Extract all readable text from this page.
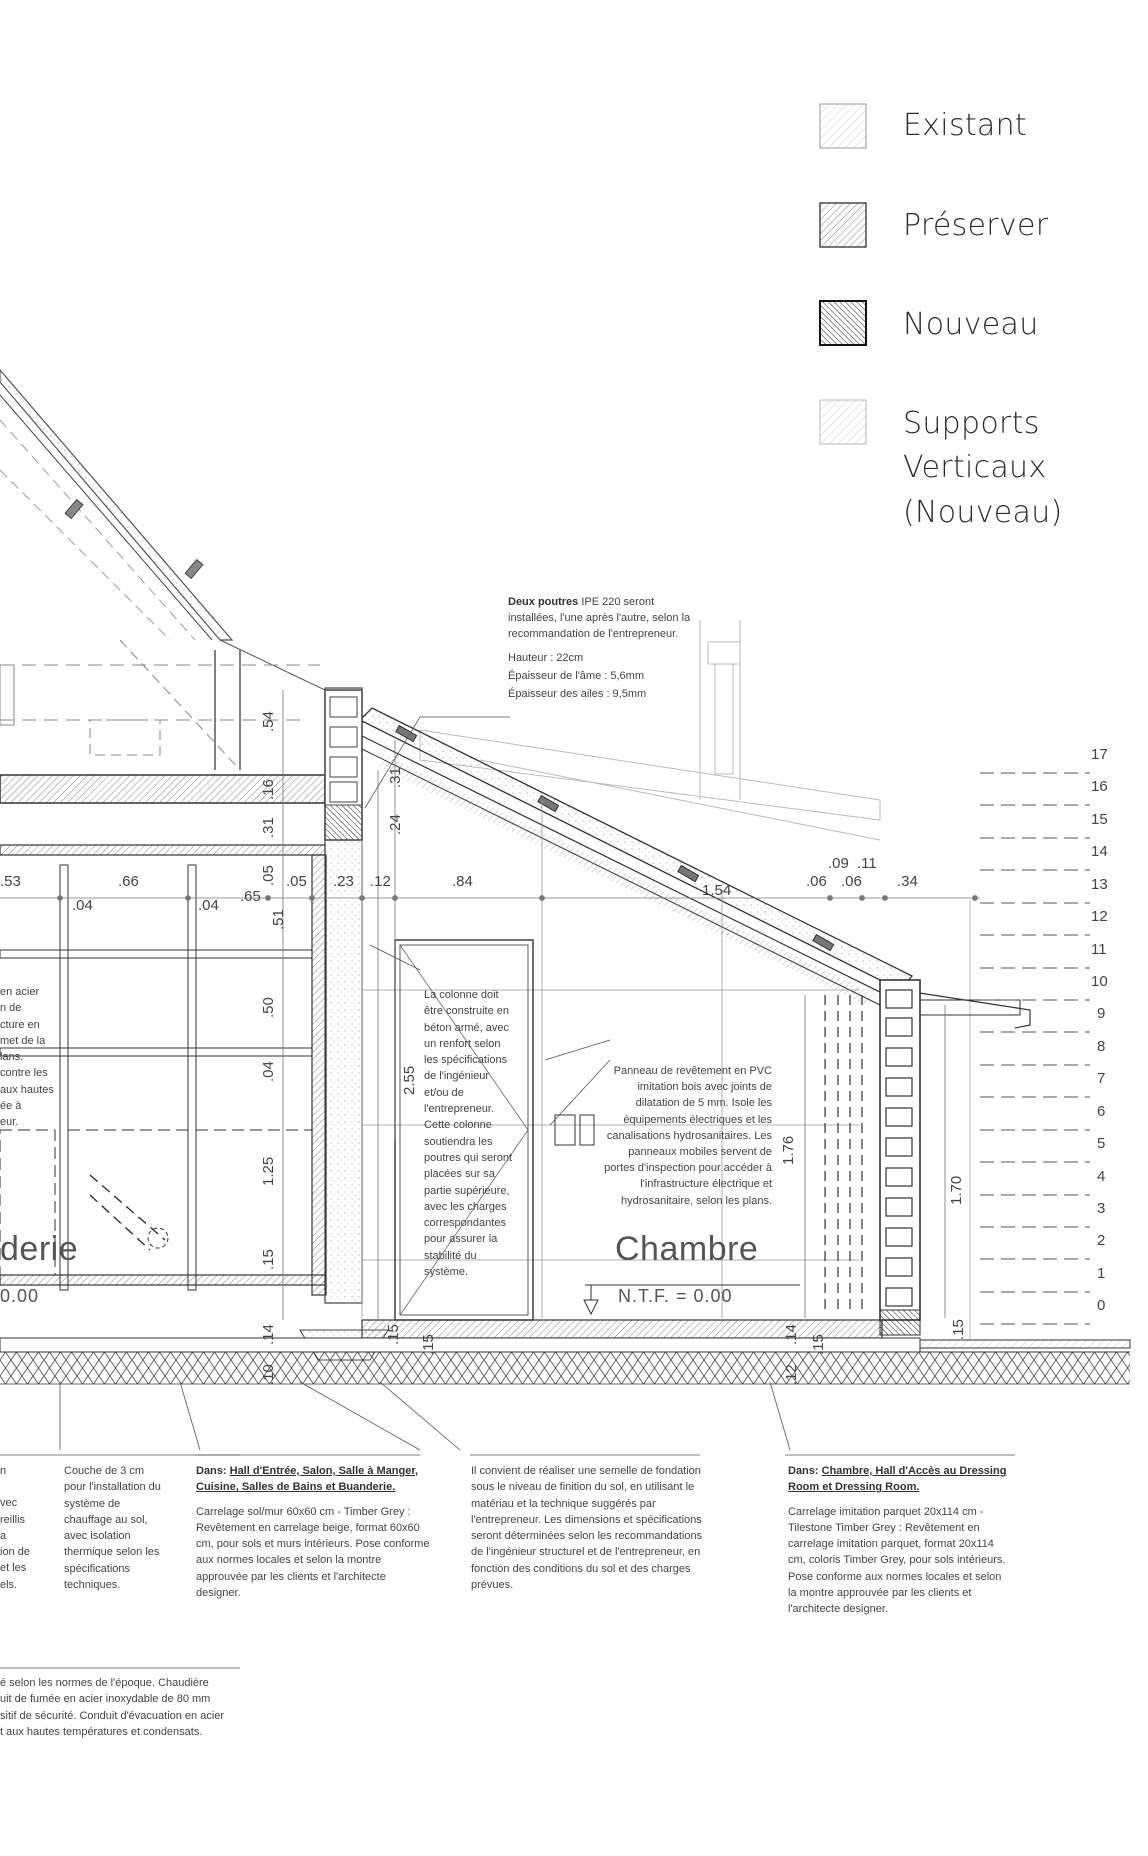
Existant
Préserver
Nouveau
Supports
Verticaux
(Nouveau)

Deux poutres IPE 220 seront installées, l'une après l'autre, selon la recommandation de l'entrepreneur.

Hauteur : 22cm
Épaisseur de l'âme : 5,6mm
Épaisseur des ailes : 9,5mm
La colonne doit être construite en béton armé, avec un renfort selon les spécifications de l'ingénieur et/ou de l'entrepreneur. Cette colonne soutiendra les poutres qui seront placées sur sa partie supérieure, avec les charges correspondantes pour assurer la stabilité du système.
Panneau de revêtement en PVC imitation bois avec joints de dilatation de 5 mm. Isole les équipements électriques et les canalisations hydrosanitaires. Les panneaux mobiles servent de portes d'inspection pour accéder à l'infrastructure électrique et hydrosanitaire, selon les plans.
en acier
n de
cture en
met de la
lans.
contre les
aux hautes
ée à
eur.
derie
0.00
Chambre
N.T.F. = 0.00
.53	.66
.04	.04
.65
.05 .23 .12	.84
1.54
.09 .11
.06 .06 .34
.54
.16
.31
.05
.51
.50
.04
1.25
.15
.31
.24
2.55
1.76
1.70
.14
.10
.15	.14
.12
.15
.15
.15
17
16
15
14
13
12
11
10
9
8
7
6
5
4
3
2
1
0
n
vec
reillis
a
ion de
et les
els.
Couche de 3 cm pour l'installation du système de chauffage au sol, avec isolation thermique selon les spécifications techniques.

Dans: Hall d'Entrée, Salon, Salle à Manger, Cuisine, Salles de Bains et Buanderie.

Carrelage sol/mur 60x60 cm - Timber Grey : Revêtement en carrelage beige, format 60x60 cm, pour sols et murs intérieurs. Pose conforme aux normes locales et selon la montre approuvée par les clients et l'architecte designer.
Il convient de réaliser une semelle de fondation sous le niveau de finition du sol, en utilisant le matériau et la technique suggérés par l'entrepreneur. Les dimensions et spécifications seront déterminées selon les recommandations de l'ingénieur structurel et de l'entrepreneur, en fonction des conditions du sol et des charges prévues.

Dans: Chambre, Hall d'Accès au Dressing Room et Dressing Room.

Carrelage imitation parquet 20x114 cm - Tilestone Timber Grey : Revêtement en carrelage imitation parquet, format 20x114 cm, coloris Timber Grey, pour sols intérieurs. Pose conforme aux normes locales et selon la montre approuvée par les clients et l'architecte designer.
é selon les normes de l'époque. Chaudière
uit de fumée en acier inoxydable de 80 mm
sitif de sécurité. Conduit d'évacuation en acier
t aux hautes températures et condensats.
